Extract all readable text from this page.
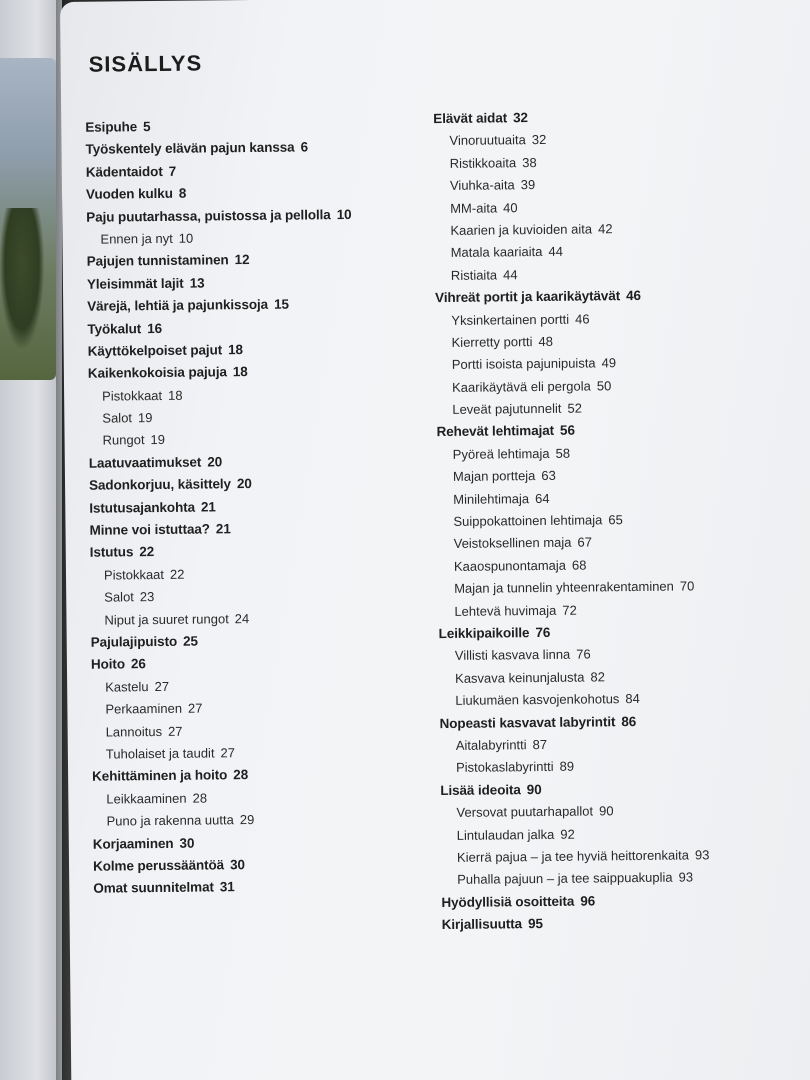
SISÄLLYS
Esipuhe 5
Työskentely elävän pajun kanssa 6
Kädentaidot 7
Vuoden kulku 8
Paju puutarhassa, puistossa ja pellolla 10
Ennen ja nyt 10
Pajujen tunnistaminen 12
Yleisimmät lajit 13
Värejä, lehtiä ja pajunkissoja 15
Työkalut 16
Käyttökelpoiset pajut 18
Kaikenkokoisia pajuja 18
Pistokkaat 18
Salot 19
Rungot 19
Laatuvaatimukset 20
Sadonkorjuu, käsittely 20
Istutusajankohta 21
Minne voi istuttaa? 21
Istutus 22
Pistokkaat 22
Salot 23
Niput ja suuret rungot 24
Pajulajipuisto 25
Hoito 26
Kastelu 27
Perkaaminen 27
Lannoitus 27
Tuholaiset ja taudit 27
Kehittäminen ja hoito 28
Leikkaaminen 28
Puno ja rakenna uutta 29
Korjaaminen 30
Kolme perussääntöä 30
Omat suunnitelmat 31
Elävät aidat 32
Vinoruutuaita 32
Ristikkoaita 38
Viuhka-aita 39
MM-aita 40
Kaarien ja kuvioiden aita 42
Matala kaariaita 44
Ristiaita 44
Vihreät portit ja kaarikäytävät 46
Yksinkertainen portti 46
Kierretty portti 48
Portti isoista pajunipuista 49
Kaarikäytävä eli pergola 50
Leveät pajutunnelit 52
Rehevät lehtimajat 56
Pyöreä lehtimaja 58
Majan portteja 63
Minilehtimaja 64
Suippokattoinen lehtimaja 65
Veistoksellinen maja 67
Kaaospunontamaja 68
Majan ja tunnelin yhteenrakentaminen 70
Lehtevä huvimaja 72
Leikkipaikoille 76
Villisti kasvava linna 76
Kasvava keinunjalusta 82
Liukumäen kasvojenkohotus 84
Nopeasti kasvavat labyrintit 86
Aitalabyrintti 87
Pistokaslabyrintti 89
Lisää ideoita 90
Versovat puutarhapallot 90
Lintulaudan jalka 92
Kierrä pajua – ja tee hyviä heittorenkaita 93
Puhalla pajuun – ja tee saippuakuplia 93
Hyödyllisiä osoitteita 96
Kirjallisuutta 95
